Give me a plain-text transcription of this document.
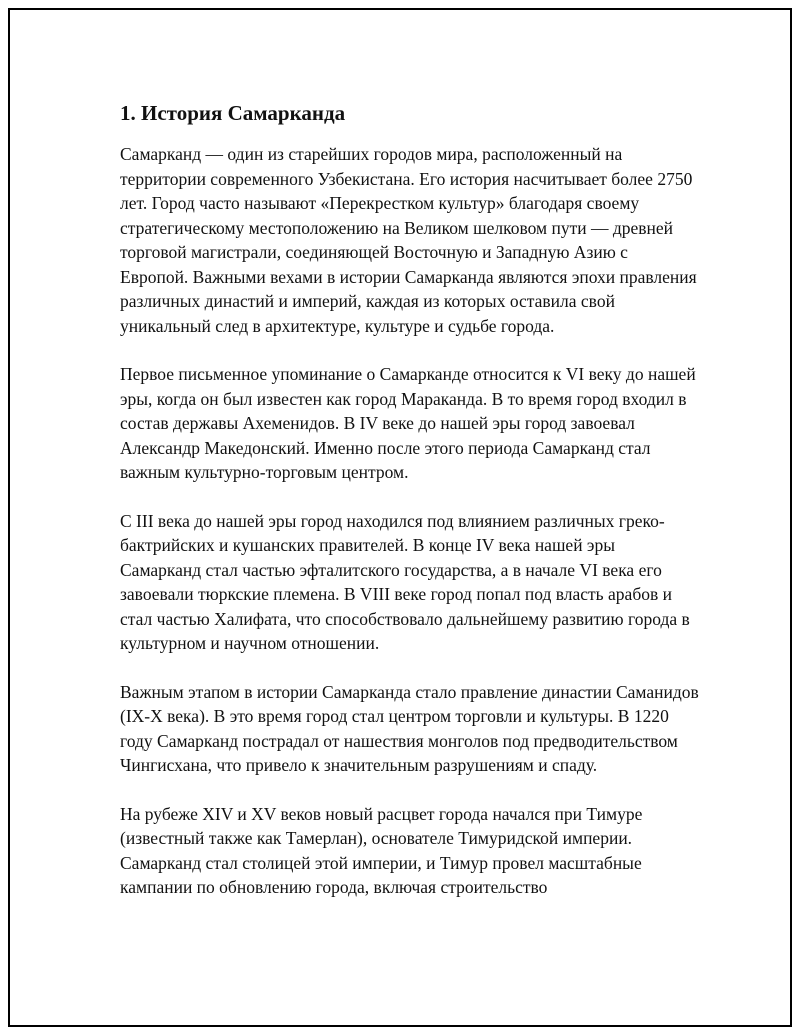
1. История Самарканда

Самарканд — один из старейших городов мира, расположенный на территории современного Узбекистана. Его история насчитывает более 2750 лет. Город часто называют «Перекрестком культур» благодаря своему стратегическому местоположению на Великом шелковом пути — древней торговой магистрали, соединяющей Восточную и Западную Азию с Европой. Важными вехами в истории Самарканда являются эпохи правления различных династий и империй, каждая из которых оставила свой уникальный след в архитектуре, культуре и судьбе города.

Первое письменное упоминание о Самарканде относится к VI веку до нашей эры, когда он был известен как город Мараканда. В то время город входил в состав державы Ахеменидов. В IV веке до нашей эры город завоевал Александр Македонский. Именно после этого периода Самарканд стал важным культурно-торговым центром.

С III века до нашей эры город находился под влиянием различных греко-бактрийских и кушанских правителей. В конце IV века нашей эры Самарканд стал частью эфталитского государства, а в начале VI века его завоевали тюркские племена. В VIII веке город попал под власть арабов и стал частью Халифата, что способствовало дальнейшему развитию города в культурном и научном отношении.

Важным этапом в истории Самарканда стало правление династии Саманидов (IX-X века). В это время город стал центром торговли и культуры. В 1220 году Самарканд пострадал от нашествия монголов под предводительством Чингисхана, что привело к значительным разрушениям и спаду.

На рубеже XIV и XV веков новый расцвет города начался при Тимуре (известный также как Тамерлан), основателе Тимуридской империи. Самарканд стал столицей этой империи, и Тимур провел масштабные кампании по обновлению города, включая строительство
